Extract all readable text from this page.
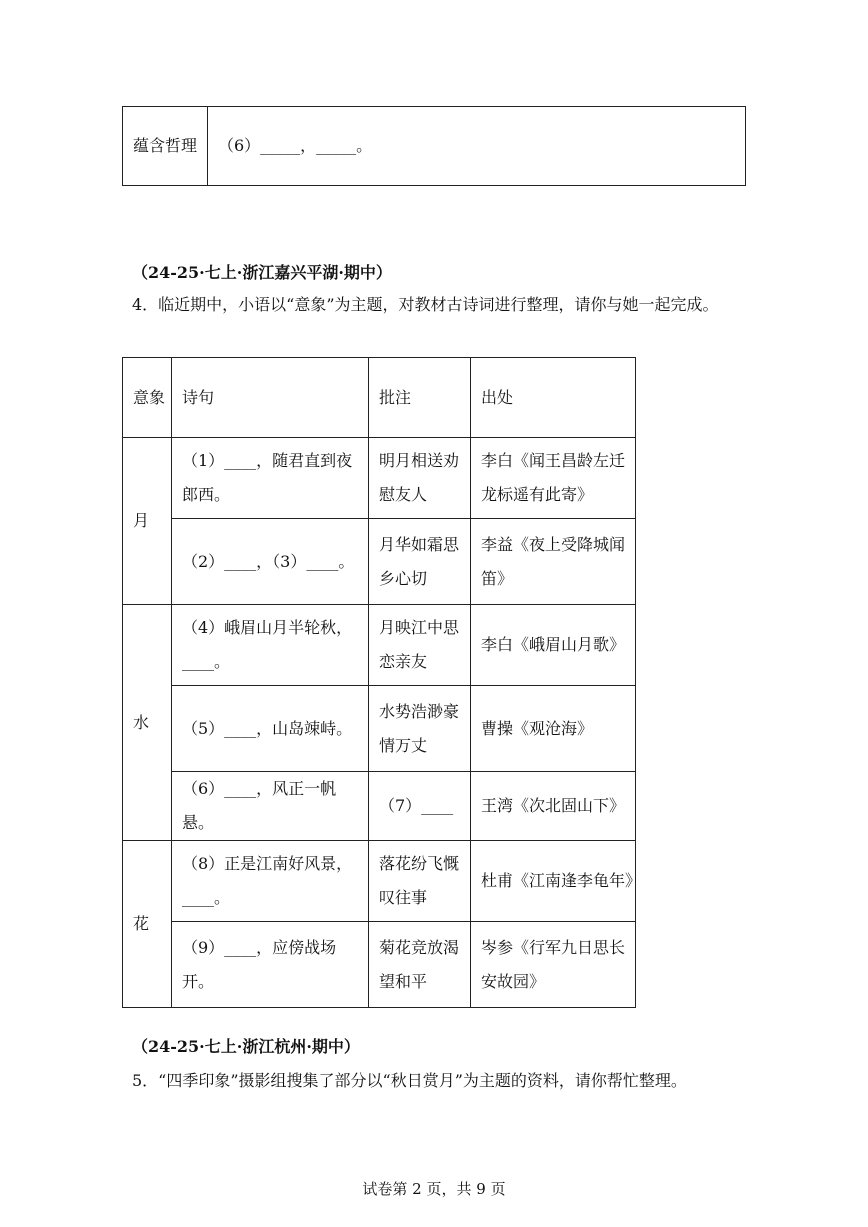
蕴含哲理	（6）_____，_____。
（24-25·七上·浙江嘉兴平湖·期中）
4．临近期中，小语以“意象”为主题，对教材古诗词进行整理，请你与她一起完成。
意象	诗句	批注	出处
月	（1）____，随君直到夜郎西。	明月相送劝慰友人	李白《闻王昌龄左迁龙标遥有此寄》
	（2）____，（3）____。	月华如霜思乡心切	李益《夜上受降城闻笛》
水	（4）峨眉山月半轮秋，____。	月映江中思恋亲友	李白《峨眉山月歌》
	（5）____，山岛竦峙。	水势浩渺豪情万丈	曹操《观沧海》
	（6）____，风正一帆悬。	（7）____	王湾《次北固山下》
花	（8）正是江南好风景，____。	落花纷飞慨叹往事	杜甫《江南逢李龟年》
	（9）____，应傍战场开。	菊花竞放渴望和平	岑参《行军九日思长安故园》
（24-25·七上·浙江杭州·期中）
5．“四季印象”摄影组搜集了部分以“秋日赏月”为主题的资料，请你帮忙整理。
试卷第 2 页，共 9 页
